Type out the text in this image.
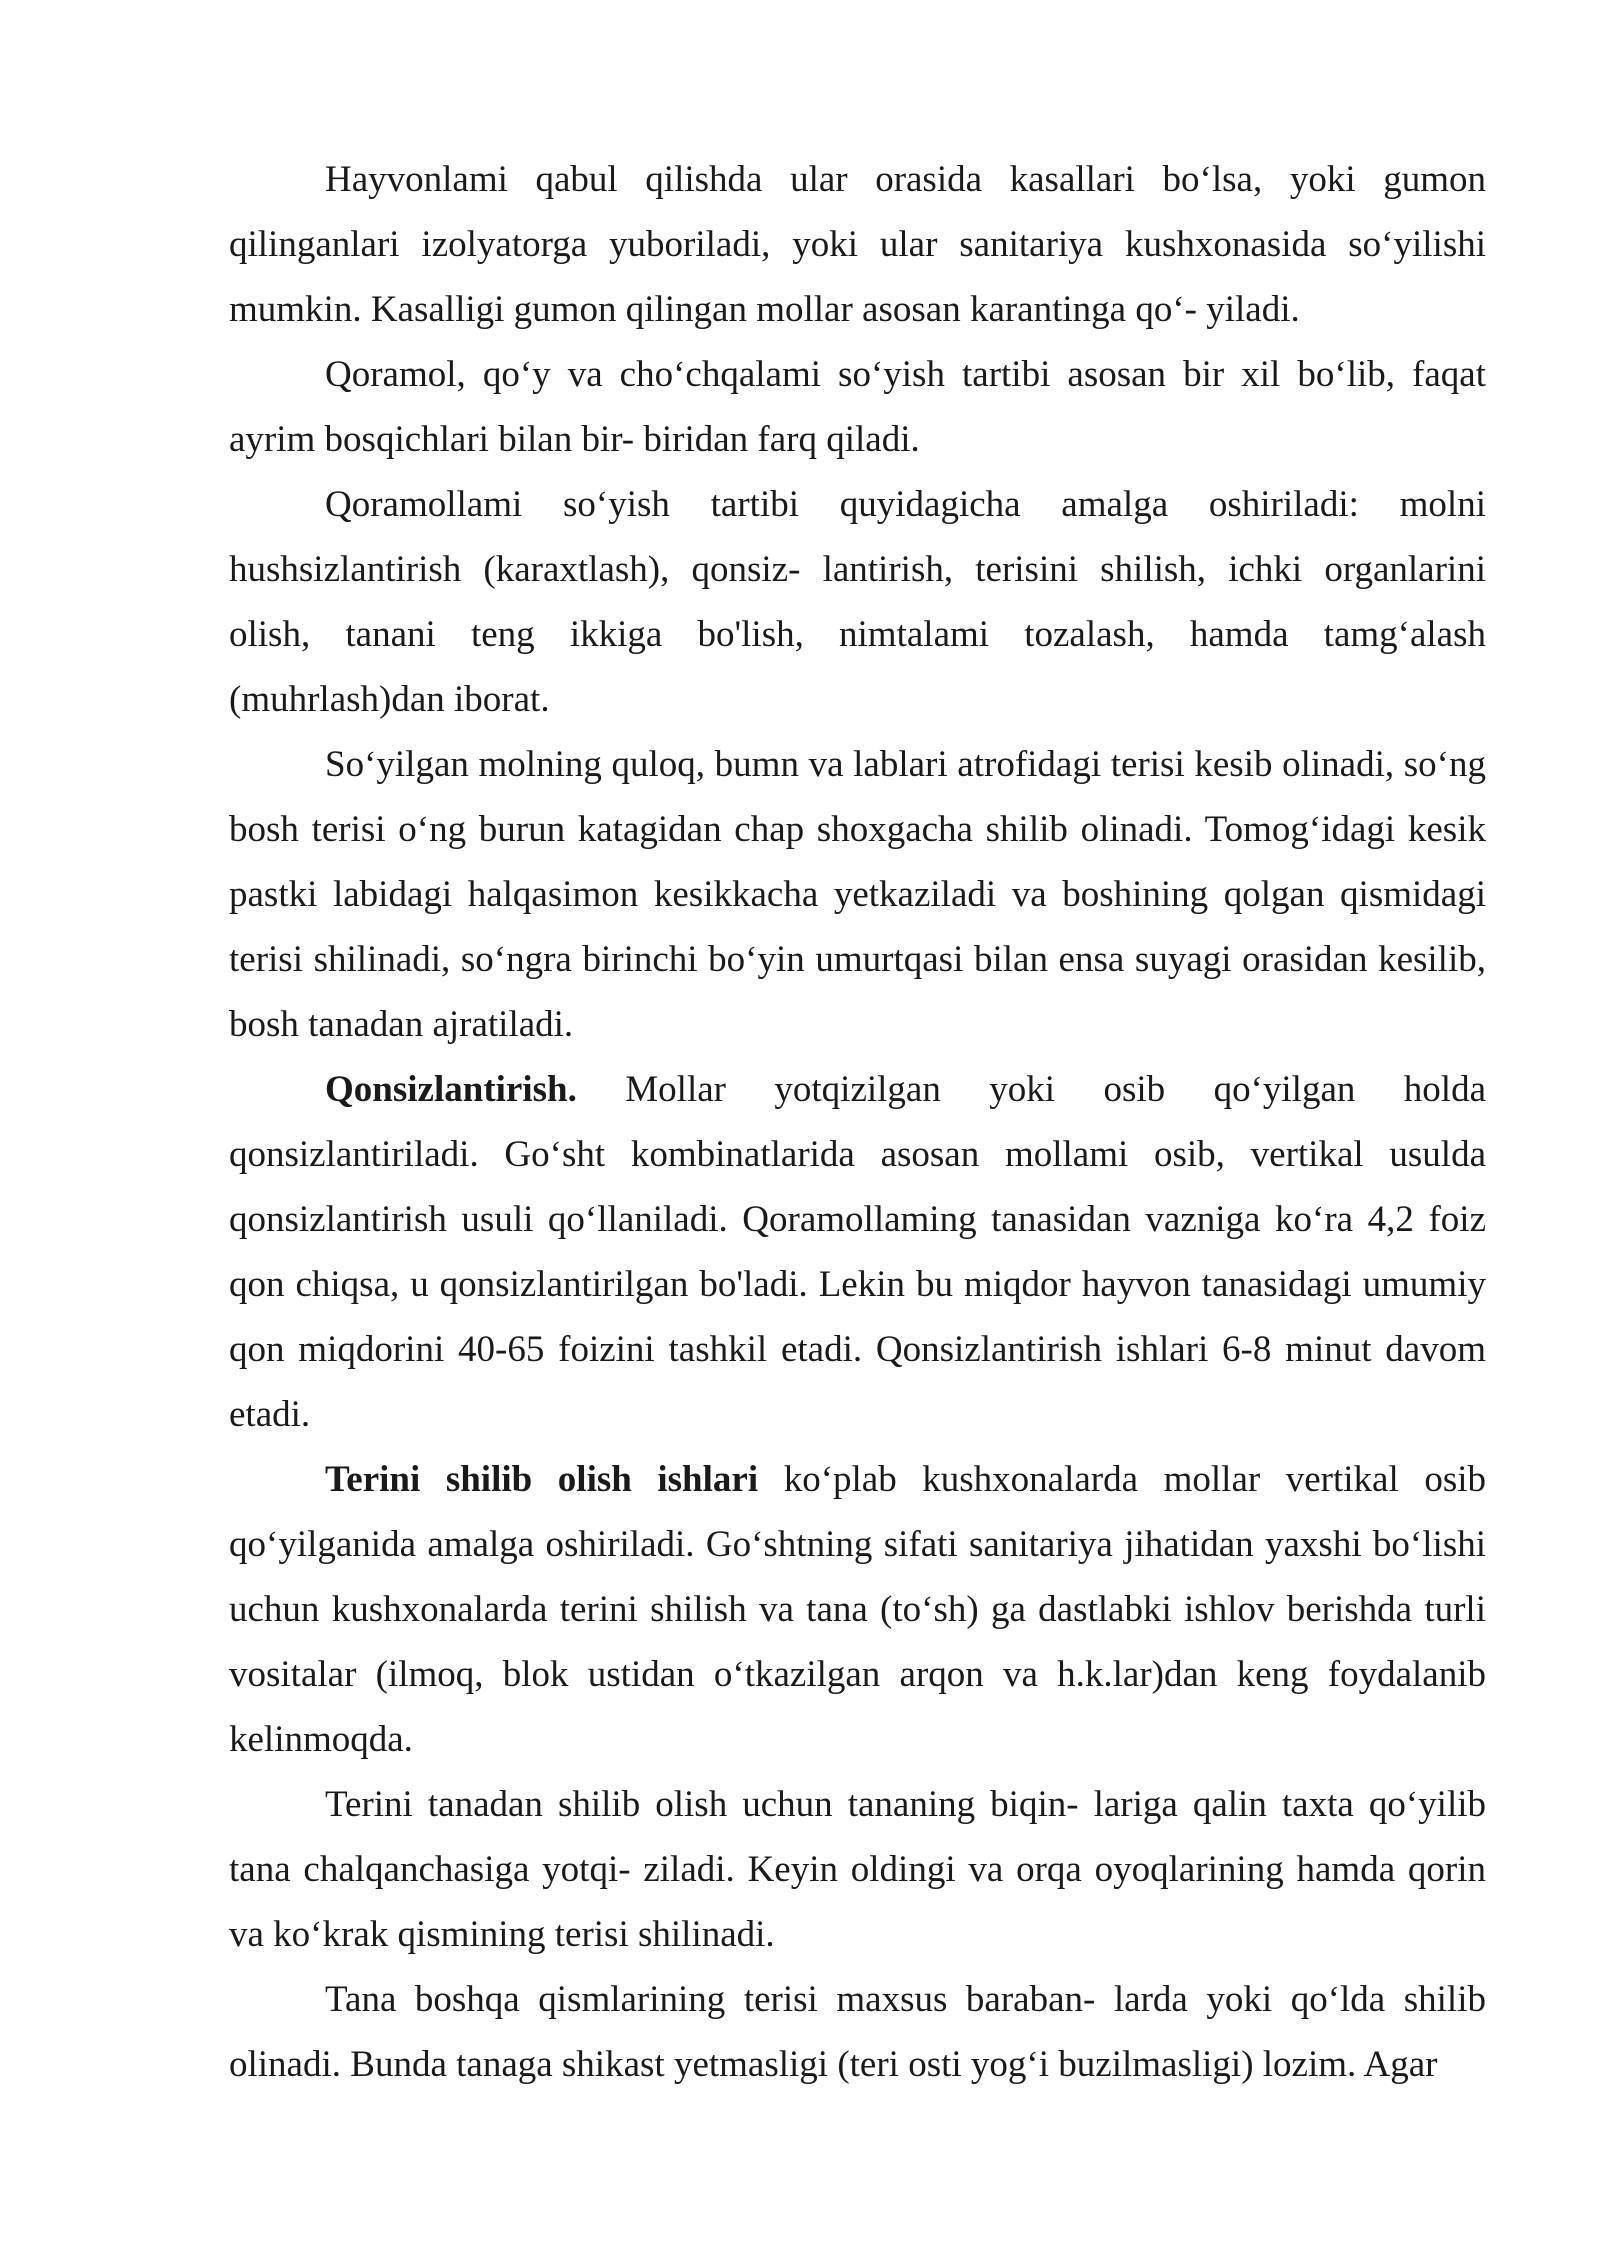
Hayvonlami qabul qilishda ular orasida kasallari bo‘lsa, yoki gumon qilinganlari izolyatorga yuboriladi, yoki ular sanitariya kushxonasida so‘yilishi mumkin. Kasalligi gumon qilingan mollar asosan karantinga qo‘- yiladi.

Qoramol, qo‘y va cho‘chqalami so‘yish tartibi asosan bir xil bo‘lib, faqat ayrim bosqichlari bilan bir- biridan farq qiladi.

Qoramollami so‘yish tartibi quyidagicha amalga oshiriladi: molni hushsizlantirish (karaxtlash), qonsiz- lantirish, terisini shilish, ichki organlarini olish, tanani teng ikkiga bo'lish, nimtalami tozalash, hamda tamg‘alash (muhrlash)dan iborat.

So‘yilgan molning quloq, bumn va lablari atrofidagi terisi kesib olinadi, so‘ng bosh terisi o‘ng burun katagidan chap shoxgacha shilib olinadi. Tomog‘idagi kesik pastki labidagi halqasimon kesikkacha yetkaziladi va boshining qolgan qismidagi terisi shilinadi, so‘ngra birinchi bo‘yin umurtqasi bilan ensa suyagi orasidan kesilib, bosh tanadan ajratiladi.

Qonsizlantirish. Mollar yotqizilgan yoki osib qo‘yilgan holda qonsizlantiriladi. Go‘sht kombinatlarida asosan mollami osib, vertikal usulda qonsizlantirish usuli qo‘llaniladi. Qoramollaming tanasidan vazniga ko‘ra 4,2 foiz qon chiqsa, u qonsizlantirilgan bo'ladi. Lekin bu miqdor hayvon tanasidagi umumiy qon miqdorini 40-65 foizini tashkil etadi. Qonsizlantirish ishlari 6-8 minut davom etadi.

Terini shilib olish ishlari ko‘plab kushxonalarda mollar vertikal osib qo‘yilganida amalga oshiriladi. Go‘shtning sifati sanitariya jihatidan yaxshi bo‘lishi uchun kushxonalarda terini shilish va tana (to‘sh) ga dastlabki ishlov berishda turli vositalar (ilmoq, blok ustidan o‘tkazilgan arqon va h.k.lar)dan keng foydalanib kelinmoqda.

Terini tanadan shilib olish uchun tananing biqin- lariga qalin taxta qo‘yilib tana chalqanchasiga yotqi- ziladi. Keyin oldingi va orqa oyoqlarining hamda qorin va ko‘krak qismining terisi shilinadi.

Tana boshqa qismlarining terisi maxsus baraban- larda yoki qo‘lda shilib olinadi. Bunda tanaga shikast yetmasligi (teri osti yog‘i buzilmasligi) lozim. Agar
